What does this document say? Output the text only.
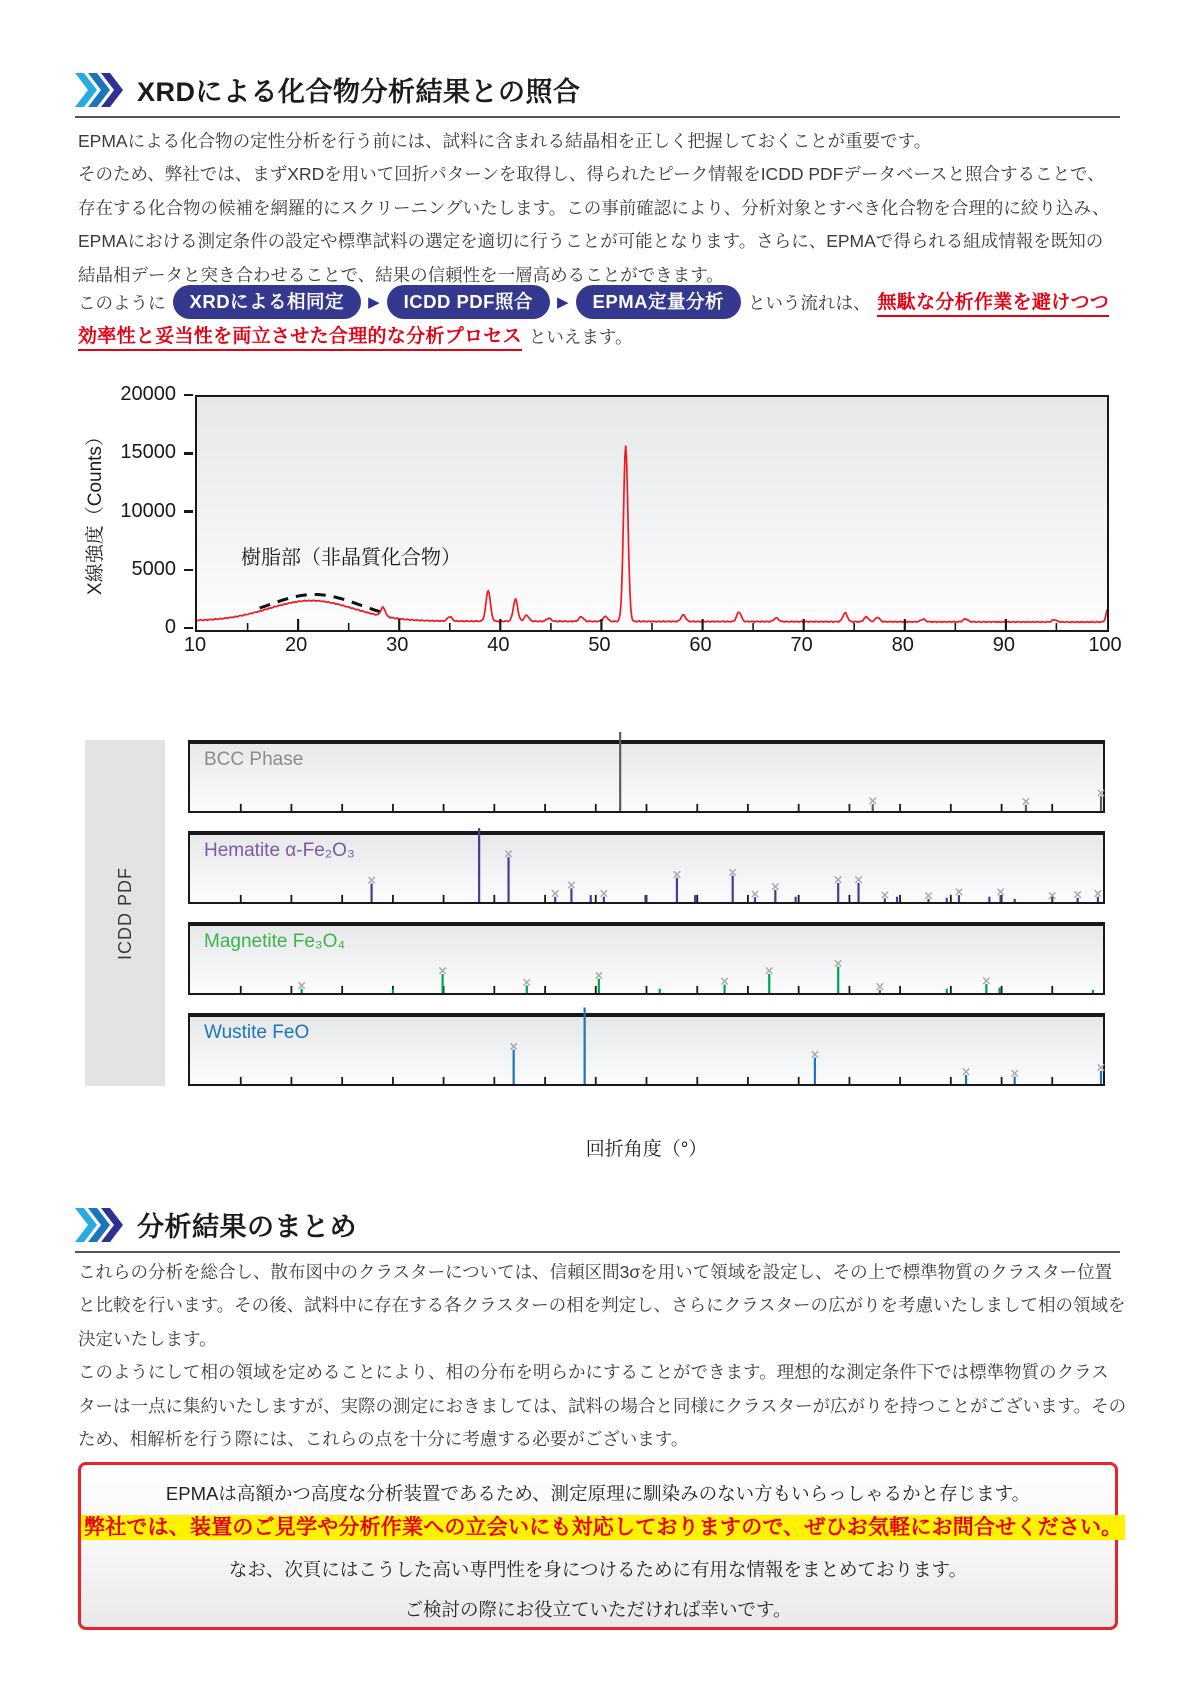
XRDによる化合物分析結果との照合
EPMAによる化合物の定性分析を行う前には、試料に含まれる結晶相を正しく把握しておくことが重要です。
そのため、弊社では、まずXRDを用いて回折パターンを取得し、得られたピーク情報をICDD PDFデータベースと照合することで、
存在する化合物の候補を網羅的にスクリーニングいたします。この事前確認により、分析対象とすべき化合物を合理的に絞り込み、
EPMAにおける測定条件の設定や標準試料の選定を適切に行うことが可能となります。さらに、EPMAで得られる組成情報を既知の
結晶相データと突き合わせることで、結果の信頼性を一層高めることができます。
このように	XRDによる相同定	▶	ICDD PDF照合	▶	EPMA定量分析	という流れは、 無駄な分析作業を避けつつ
効率性と妥当性を両立させた合理的な分析プロセス といえます。
X線強度（Counts）	樹脂部（非晶質化合物）
0
5000
10000
15000
20000
10	20	30	40	50	60	70	80	90	100
ICDD PDF
BCC Phase
Hematite α-Fe₂O₃
Magnetite Fe₃O₄
Wustite FeO
回折角度（°）
分析結果のまとめ
これらの分析を総合し、散布図中のクラスターについては、信頼区間3σを用いて領域を設定し、その上で標準物質のクラスター位置
と比較を行います。その後、試料中に存在する各クラスターの相を判定し、さらにクラスターの広がりを考慮いたしまして相の領域を
決定いたします。
このようにして相の領域を定めることにより、相の分布を明らかにすることができます。理想的な測定条件下では標準物質のクラス
ターは一点に集約いたしますが、実際の測定におきましては、試料の場合と同様にクラスターが広がりを持つことがございます。その
ため、相解析を行う際には、これらの点を十分に考慮する必要がございます。
EPMAは高額かつ高度な分析装置であるため、測定原理に馴染みのない方もいらっしゃるかと存じます。
弊社では、装置のご見学や分析作業への立会いにも対応しておりますので、ぜひお気軽にお問合せください。
なお、次頁にはこうした高い専門性を身につけるために有用な情報をまとめております。
ご検討の際にお役立ていただければ幸いです。
